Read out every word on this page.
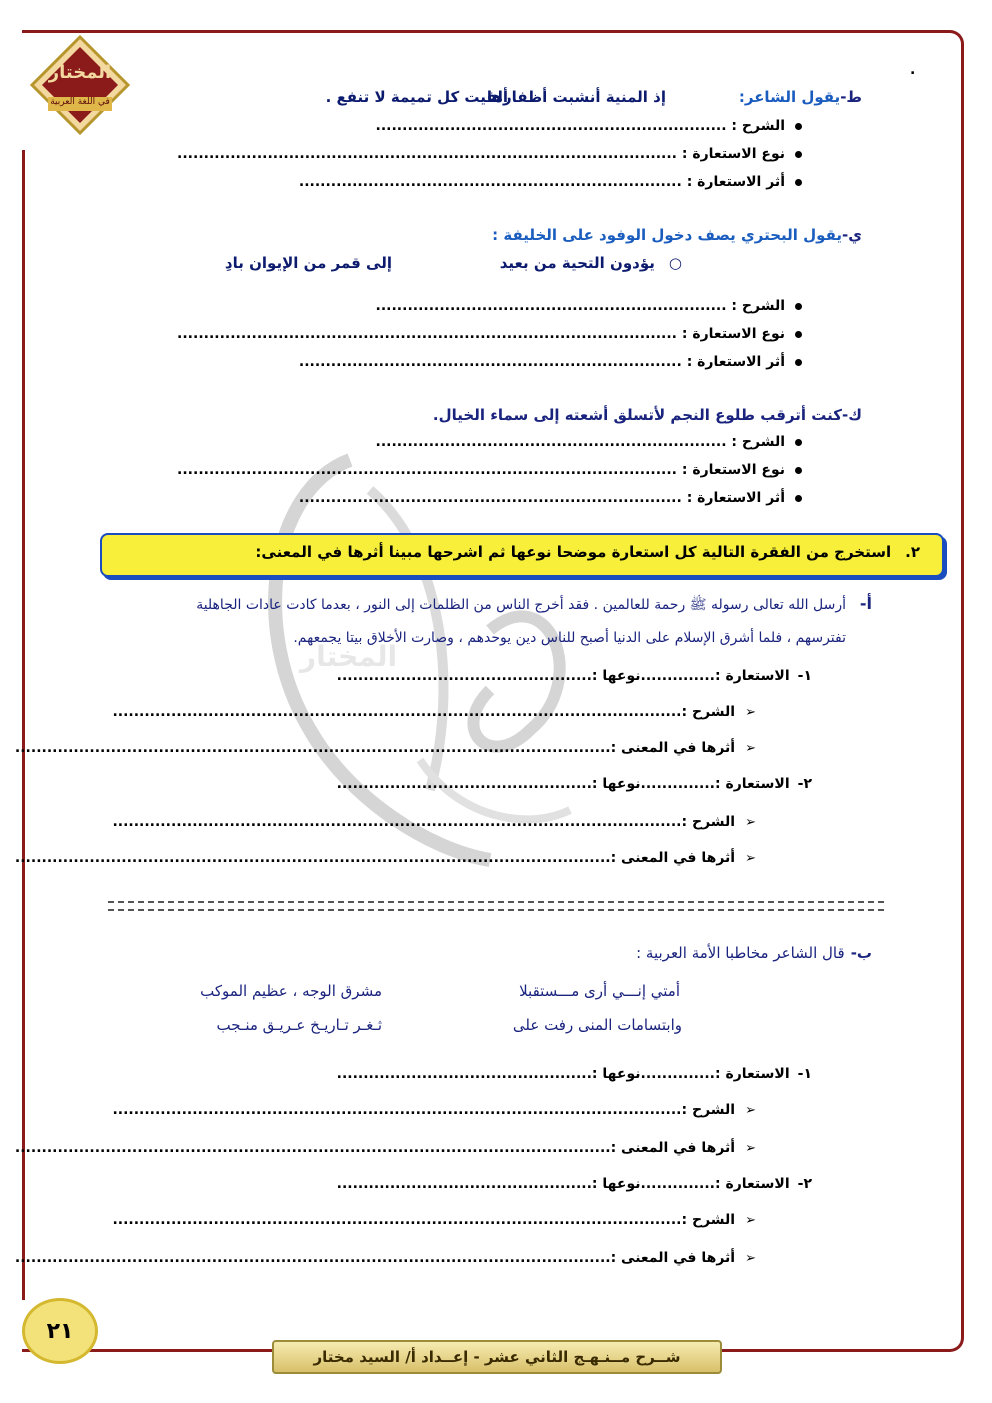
المختار
في اللغة العربية
.
المختار
ط-يقول الشاعر:
إذ المنية أنشبت أظفارها
ألفيت كل تميمة لا تنفع .
الشرح : ..................................................................
نوع الاستعارة : ..............................................................................................
أثر الاستعارة : ........................................................................
ي-يقول البحتري يصف دخول الوفود على الخليفة :
○يؤدون التحية من بعيد
إلى قمر من الإيوان بادِ
الشرح : ..................................................................
نوع الاستعارة : ..............................................................................................
أثر الاستعارة : ........................................................................
ك-كنت أترقب طلوع النجم لأتسلق أشعته إلى سماء الخيال.
الشرح : ..................................................................
نوع الاستعارة : ..............................................................................................
أثر الاستعارة : ........................................................................
٢.استخرج من الفقرة التالية كل استعارة موضحا نوعها ثم اشرحها مبينا أثرها في المعنى:
أ-
أرسل الله تعالى رسوله ﷺ رحمة للعالمين . فقد أخرج الناس من الظلمات إلى النور ، بعدما كادت عادات الجاهلية
تفترسهم ، فلما أشرق الإسلام على الدنيا أصبح للناس دين يوحدهم ، وصارت الأخلاق بيتا يجمعهم.
١-الاستعارة :..............نوعها :................................................
➢الشرح :...........................................................................................................
➢أثرها في المعنى :................................................................................................................
٢-الاستعارة :..............نوعها :................................................
➢الشرح :...........................................................................................................
➢أثرها في المعنى :................................................................................................................
ب-قال الشاعر مخاطبا الأمة العربية :
أمتي إنـــي أرى مـــستقبلا
مشرق الوجه ، عظيم الموكب
وابتسامات المنى رفت على
ثـغـر تـاريـخ عـريـق منـجب
١-الاستعارة :..............نوعها :................................................
➢الشرح :...........................................................................................................
➢أثرها في المعنى :................................................................................................................
٢-الاستعارة :..............نوعها :................................................
➢الشرح :...........................................................................................................
➢أثرها في المعنى :................................................................................................................
٢١
شــرح مــنـهـج الثاني عشر - إعــداد أ/ السيد مختار
